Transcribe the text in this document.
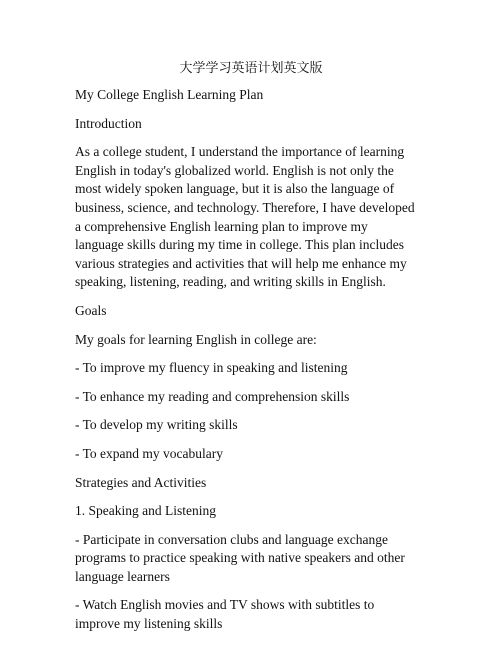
大学学习英语计划英文版

My College English Learning Plan

Introduction

As a college student, I understand the importance of learning English in today's globalized world. English is not only the most widely spoken language, but it is also the language of business, science, and technology. Therefore, I have developed a comprehensive English learning plan to improve my language skills during my time in college. This plan includes various strategies and activities that will help me enhance my speaking, listening, reading, and writing skills in English.

Goals

My goals for learning English in college are:

- To improve my fluency in speaking and listening

- To enhance my reading and comprehension skills

- To develop my writing skills

- To expand my vocabulary

Strategies and Activities

1. Speaking and Listening

- Participate in conversation clubs and language exchange programs to practice speaking with native speakers and other language learners

- Watch English movies and TV shows with subtitles to improve my listening skills
